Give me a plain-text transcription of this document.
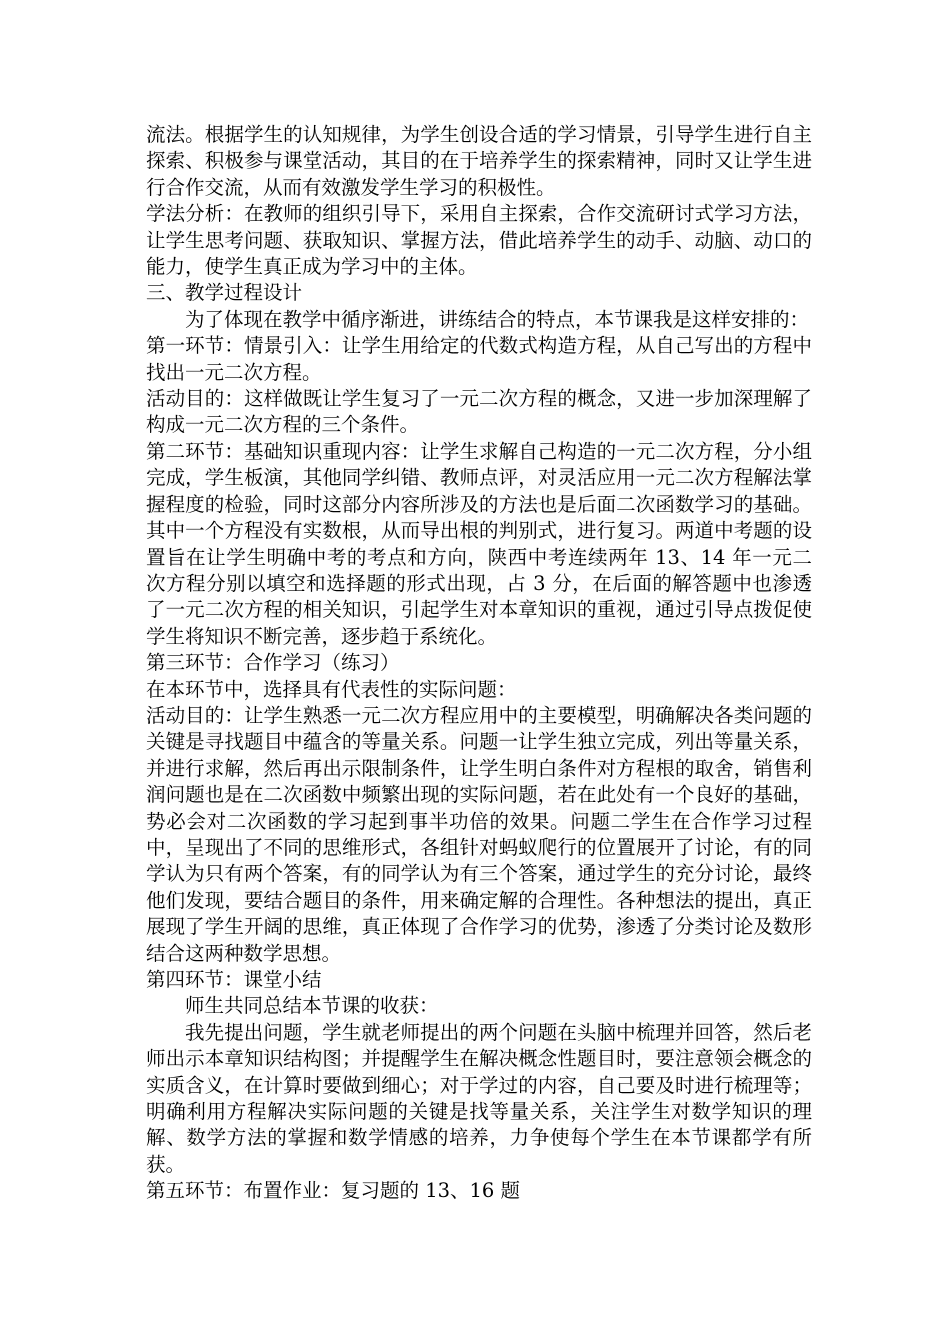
流法。根据学生的认知规律，为学生创设合适的学习情景，引导学生进行自主探索、积极参与课堂活动，其目的在于培养学生的探索精神，同时又让学生进行合作交流，从而有效激发学生学习的积极性。

学法分析：在教师的组织引导下，采用自主探索，合作交流研讨式学习方法，让学生思考问题、获取知识、掌握方法，借此培养学生的动手、动脑、动口的能力，使学生真正成为学习中的主体。

三、教学过程设计

为了体现在教学中循序渐进，讲练结合的特点，本节课我是这样安排的：

第一环节：情景引入：让学生用给定的代数式构造方程，从自己写出的方程中找出一元二次方程。

活动目的：这样做既让学生复习了一元二次方程的概念，又进一步加深理解了构成一元二次方程的三个条件。

第二环节：基础知识重现内容：让学生求解自己构造的一元二次方程，分小组完成，学生板演，其他同学纠错、教师点评，对灵活应用一元二次方程解法掌握程度的检验，同时这部分内容所涉及的方法也是后面二次函数学习的基础。其中一个方程没有实数根，从而导出根的判别式，进行复习。两道中考题的设置旨在让学生明确中考的考点和方向，陕西中考连续两年 13、14 年一元二次方程分别以填空和选择题的形式出现，占 3 分，在后面的解答题中也渗透了一元二次方程的相关知识，引起学生对本章知识的重视，通过引导点拨促使学生将知识不断完善，逐步趋于系统化。

第三环节：合作学习（练习）

在本环节中，选择具有代表性的实际问题：

活动目的：让学生熟悉一元二次方程应用中的主要模型，明确解决各类问题的关键是寻找题目中蕴含的等量关系。问题一让学生独立完成，列出等量关系，并进行求解，然后再出示限制条件，让学生明白条件对方程根的取舍，销售利润问题也是在二次函数中频繁出现的实际问题，若在此处有一个良好的基础，势必会对二次函数的学习起到事半功倍的效果。问题二学生在合作学习过程中，呈现出了不同的思维形式，各组针对蚂蚁爬行的位置展开了讨论，有的同学认为只有两个答案，有的同学认为有三个答案，通过学生的充分讨论，最终他们发现，要结合题目的条件，用来确定解的合理性。各种想法的提出，真正展现了学生开阔的思维，真正体现了合作学习的优势，渗透了分类讨论及数形结合这两种数学思想。

第四环节：课堂小结

师生共同总结本节课的收获：

我先提出问题，学生就老师提出的两个问题在头脑中梳理并回答，然后老师出示本章知识结构图；并提醒学生在解决概念性题目时，要注意领会概念的实质含义，在计算时要做到细心；对于学过的内容，自己要及时进行梳理等；明确利用方程解决实际问题的关键是找等量关系，关注学生对数学知识的理解、数学方法的掌握和数学情感的培养，力争使每个学生在本节课都学有所获。

第五环节：布置作业：复习题的 13、16 题
